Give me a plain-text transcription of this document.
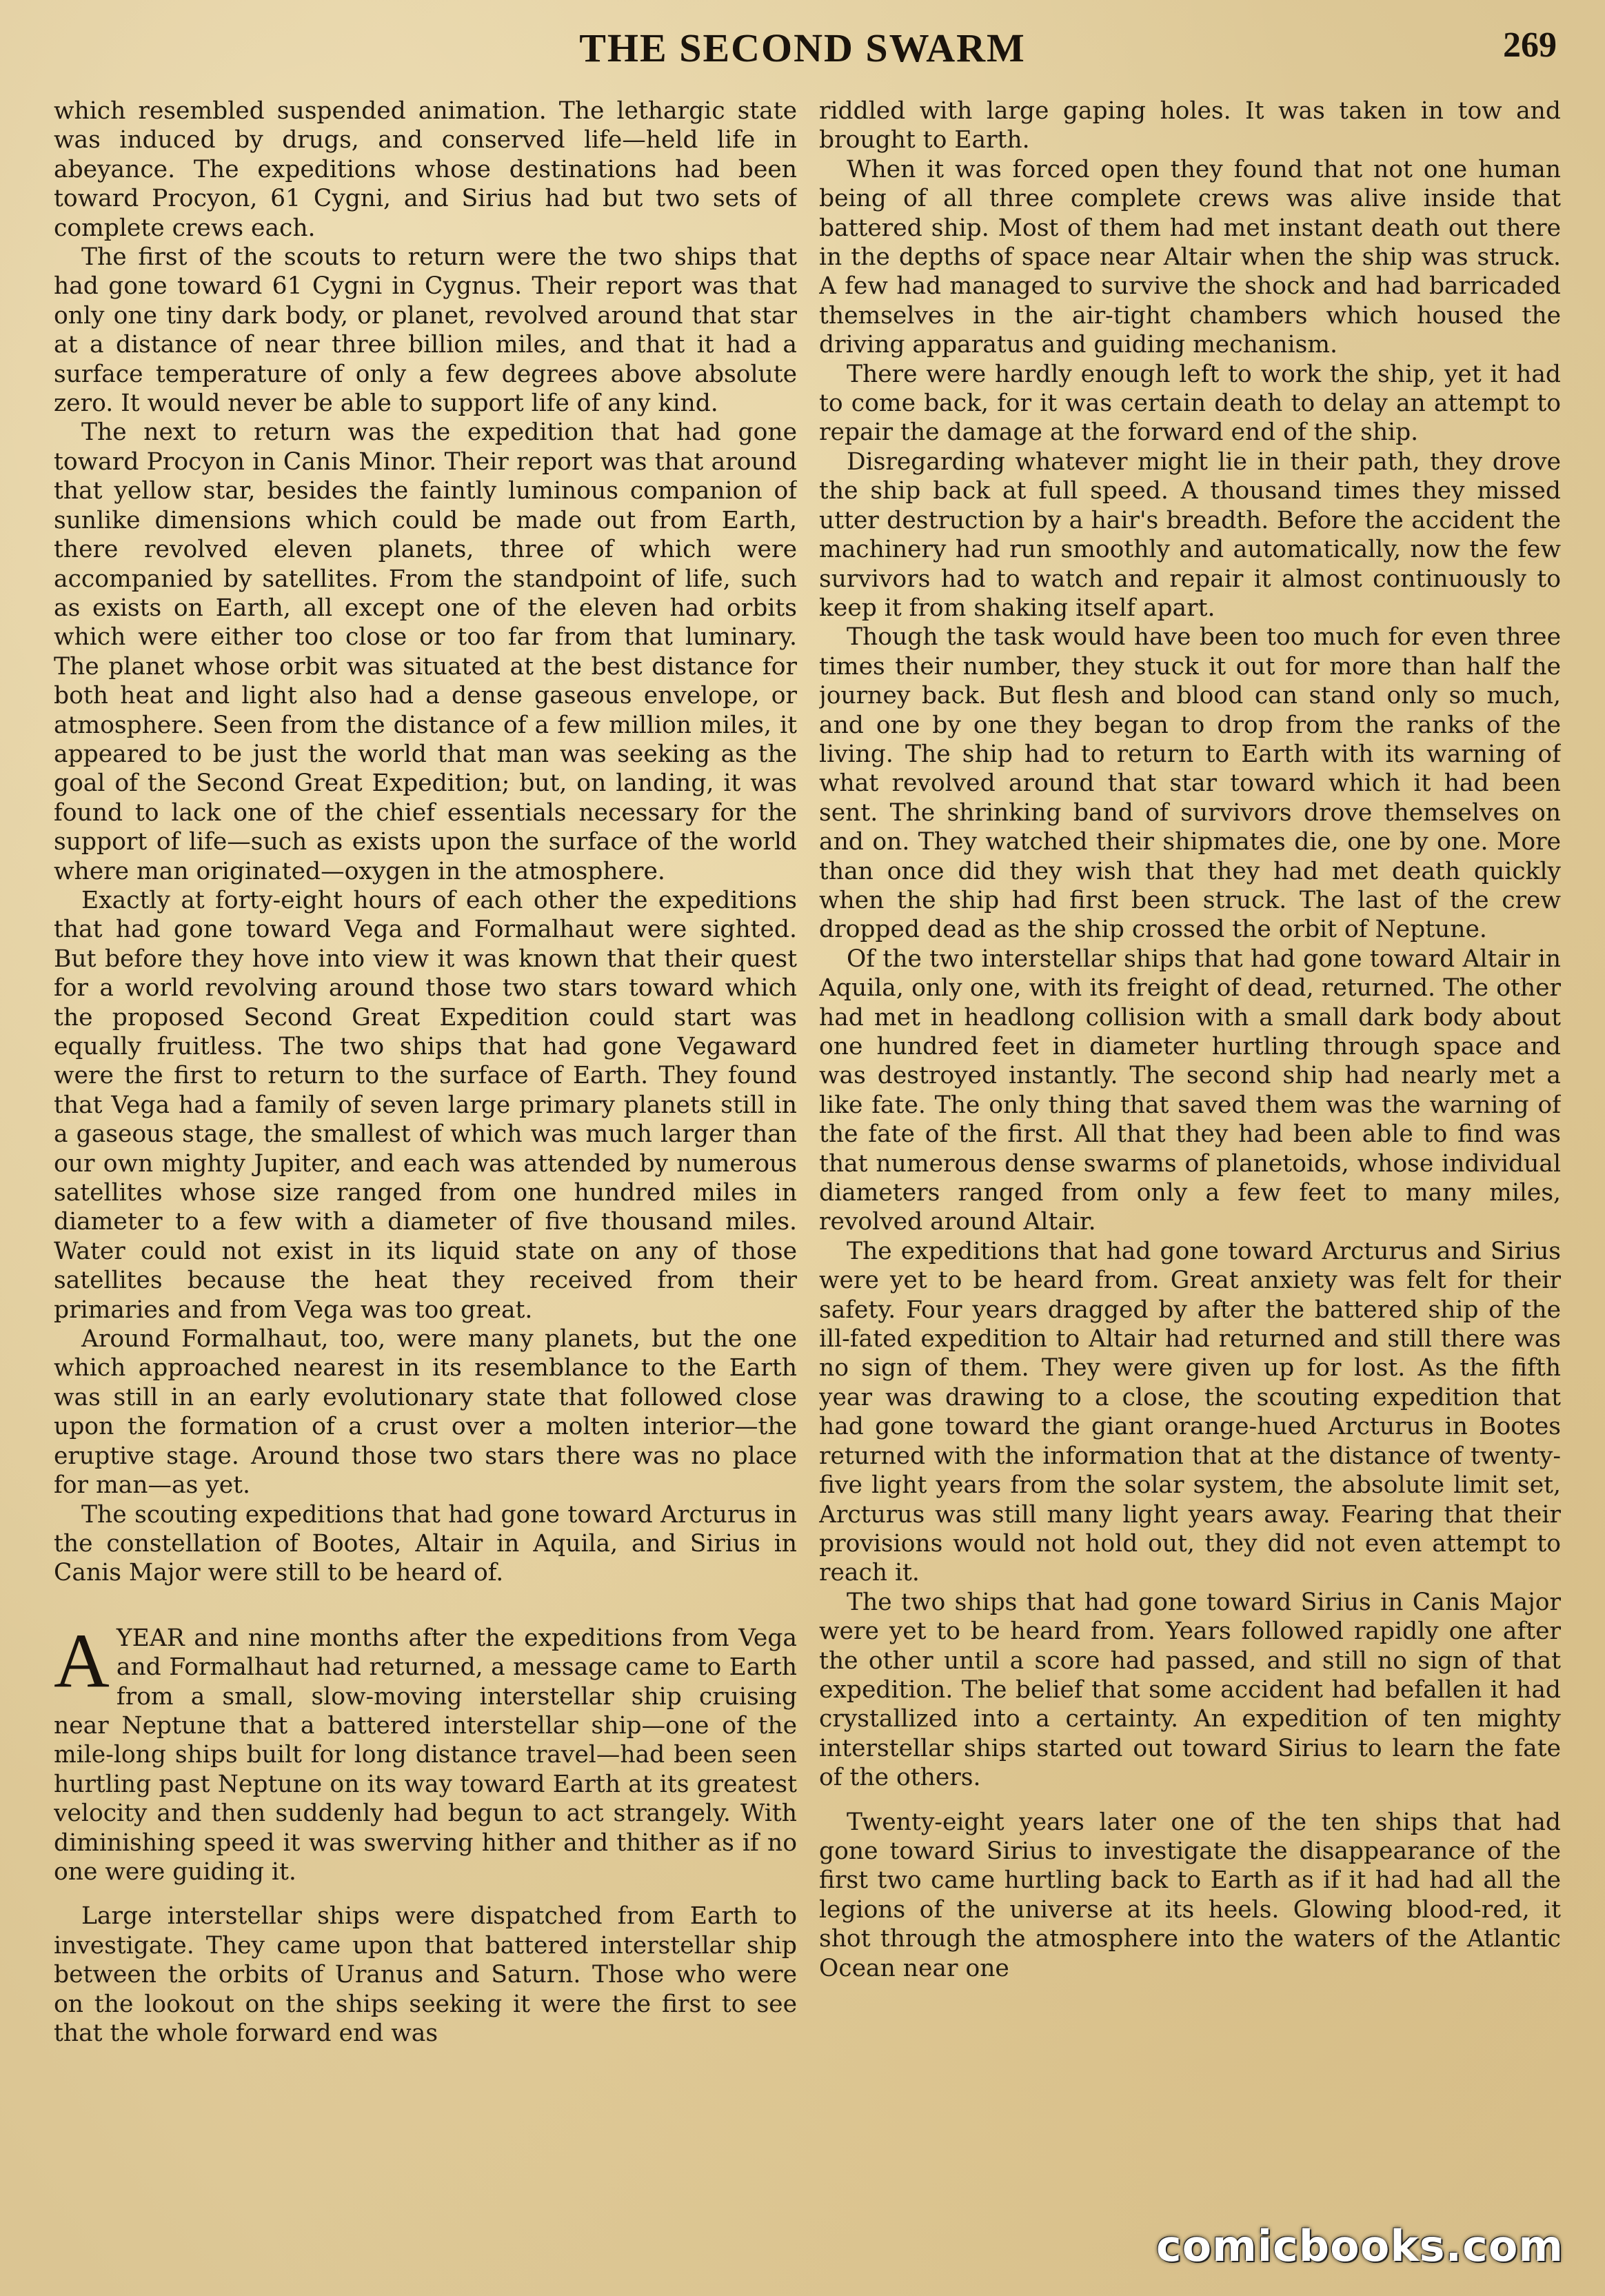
THE SECOND SWARM	269

which resembled suspended animation. The lethargic state was induced by drugs, and conserved life—held life in abeyance. The expeditions whose destinations had been toward Procyon, 61 Cygni, and Sirius had but two sets of complete crews each.

The first of the scouts to return were the two ships that had gone toward 61 Cygni in Cygnus. Their report was that only one tiny dark body, or planet, revolved around that star at a distance of near three billion miles, and that it had a surface temperature of only a few degrees above absolute zero. It would never be able to support life of any kind.

The next to return was the expedition that had gone toward Procyon in Canis Minor. Their report was that around that yellow star, besides the faintly luminous companion of sunlike dimensions which could be made out from Earth, there revolved eleven planets, three of which were accompanied by satellites. From the standpoint of life, such as exists on Earth, all except one of the eleven had orbits which were either too close or too far from that luminary. The planet whose orbit was situated at the best distance for both heat and light also had a dense gaseous envelope, or atmosphere. Seen from the distance of a few million miles, it appeared to be just the world that man was seeking as the goal of the Second Great Expedition; but, on landing, it was found to lack one of the chief essentials necessary for the support of life—such as exists upon the surface of the world where man originated—oxygen in the atmosphere.

Exactly at forty-eight hours of each other the expeditions that had gone toward Vega and Formalhaut were sighted. But before they hove into view it was known that their quest for a world revolving around those two stars toward which the proposed Second Great Expedition could start was equally fruitless. The two ships that had gone Vegaward were the first to return to the surface of Earth. They found that Vega had a family of seven large primary planets still in a gaseous stage, the smallest of which was much larger than our own mighty Jupiter, and each was attended by numerous satellites whose size ranged from one hundred miles in diameter to a few with a diameter of five thousand miles. Water could not exist in its liquid state on any of those satellites because the heat they received from their primaries and from Vega was too great.

Around Formalhaut, too, were many planets, but the one which approached nearest in its resemblance to the Earth was still in an early evolutionary state that followed close upon the formation of a crust over a molten interior—the eruptive stage. Around those two stars there was no place for man—as yet.

The scouting expeditions that had gone toward Arcturus in the constellation of Bootes, Altair in Aquila, and Sirius in Canis Major were still to be heard of.

A YEAR and nine months after the expeditions from Vega and Formalhaut had returned, a message came to Earth from a small, slow-moving interstellar ship cruising near Neptune that a battered interstellar ship—one of the mile-long ships built for long distance travel—had been seen hurtling past Neptune on its way toward Earth at its greatest velocity and then suddenly had begun to act strangely. With diminishing speed it was swerving hither and thither as if no one were guiding it.

Large interstellar ships were dispatched from Earth to investigate. They came upon that battered interstellar ship between the orbits of Uranus and Saturn. Those who were on the lookout on the ships seeking it were the first to see that the whole forward end was

riddled with large gaping holes. It was taken in tow and brought to Earth.

When it was forced open they found that not one human being of all three complete crews was alive inside that battered ship. Most of them had met instant death out there in the depths of space near Altair when the ship was struck. A few had managed to survive the shock and had barricaded themselves in the air-tight chambers which housed the driving apparatus and guiding mechanism.

There were hardly enough left to work the ship, yet it had to come back, for it was certain death to delay an attempt to repair the damage at the forward end of the ship.

Disregarding whatever might lie in their path, they drove the ship back at full speed. A thousand times they missed utter destruction by a hair's breadth. Before the accident the machinery had run smoothly and automatically, now the few survivors had to watch and repair it almost continuously to keep it from shaking itself apart.

Though the task would have been too much for even three times their number, they stuck it out for more than half the journey back. But flesh and blood can stand only so much, and one by one they began to drop from the ranks of the living. The ship had to return to Earth with its warning of what revolved around that star toward which it had been sent. The shrinking band of survivors drove themselves on and on. They watched their shipmates die, one by one. More than once did they wish that they had met death quickly when the ship had first been struck. The last of the crew dropped dead as the ship crossed the orbit of Neptune.

Of the two interstellar ships that had gone toward Altair in Aquila, only one, with its freight of dead, returned. The other had met in headlong collision with a small dark body about one hundred feet in diameter hurtling through space and was destroyed instantly. The second ship had nearly met a like fate. The only thing that saved them was the warning of the fate of the first. All that they had been able to find was that numerous dense swarms of planetoids, whose individual diameters ranged from only a few feet to many miles, revolved around Altair.

The expeditions that had gone toward Arcturus and Sirius were yet to be heard from. Great anxiety was felt for their safety. Four years dragged by after the battered ship of the ill-fated expedition to Altair had returned and still there was no sign of them. They were given up for lost. As the fifth year was drawing to a close, the scouting expedition that had gone toward the giant orange-hued Arcturus in Bootes returned with the information that at the distance of twenty-five light years from the solar system, the absolute limit set, Arcturus was still many light years away. Fearing that their provisions would not hold out, they did not even attempt to reach it.

The two ships that had gone toward Sirius in Canis Major were yet to be heard from. Years followed rapidly one after the other until a score had passed, and still no sign of that expedition. The belief that some accident had befallen it had crystallized into a certainty. An expedition of ten mighty interstellar ships started out toward Sirius to learn the fate of the others.

Twenty-eight years later one of the ten ships that had gone toward Sirius to investigate the disappearance of the first two came hurtling back to Earth as if it had had all the legions of the universe at its heels. Glowing blood-red, it shot through the atmosphere into the waters of the Atlantic Ocean near one

comicbooks.com
